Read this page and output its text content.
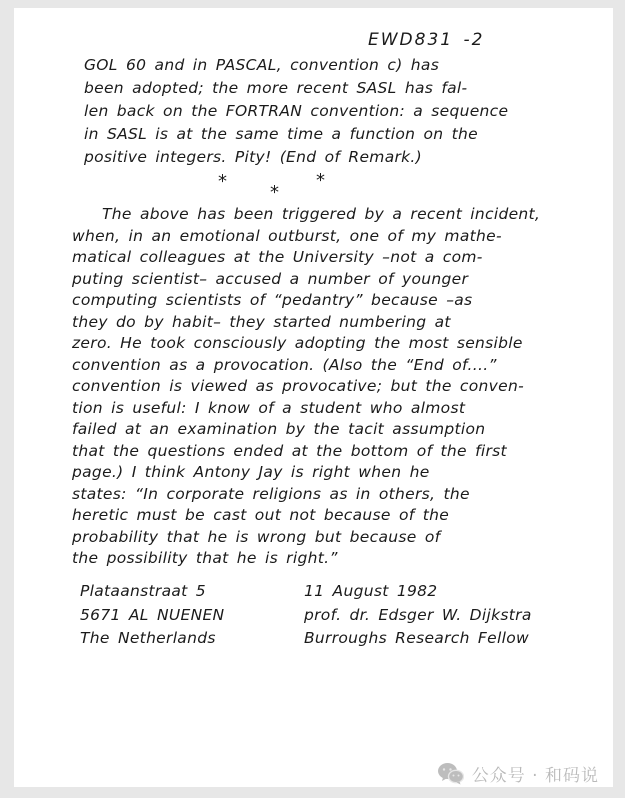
EWD831 -2
GOL 60 and in PASCAL, convention c) has
been adopted; the more recent SASL has fal-
len back on the FORTRAN convention: a sequence
in SASL is at the same time a function on the
positive integers. Pity! (End of Remark.)
*
*
*
The above has been triggered by a recent incident,
when, in an emotional outburst, one of my mathe-
matical colleagues at the University –not a com-
puting scientist– accused a number of younger
computing scientists of “pedantry” because –as
they do by habit– they started numbering at
zero. He took consciously adopting the most sensible
convention as a provocation. (Also the “End of....”
convention is viewed as provocative; but the conven-
tion is useful: I know of a student who almost
failed at an examination by the tacit assumption
that the questions ended at the bottom of the first
page.) I think Antony Jay is right when he
states: “In corporate religions as in others, the
heretic must be cast out not because of the
probability that he is wrong but because of
the possibility that he is right.”
Plataanstraat 5
5671 AL NUENEN
The Netherlands
11 August 1982
prof. dr. Edsger W. Dijkstra
Burroughs Research Fellow
公众号 · 和码说
